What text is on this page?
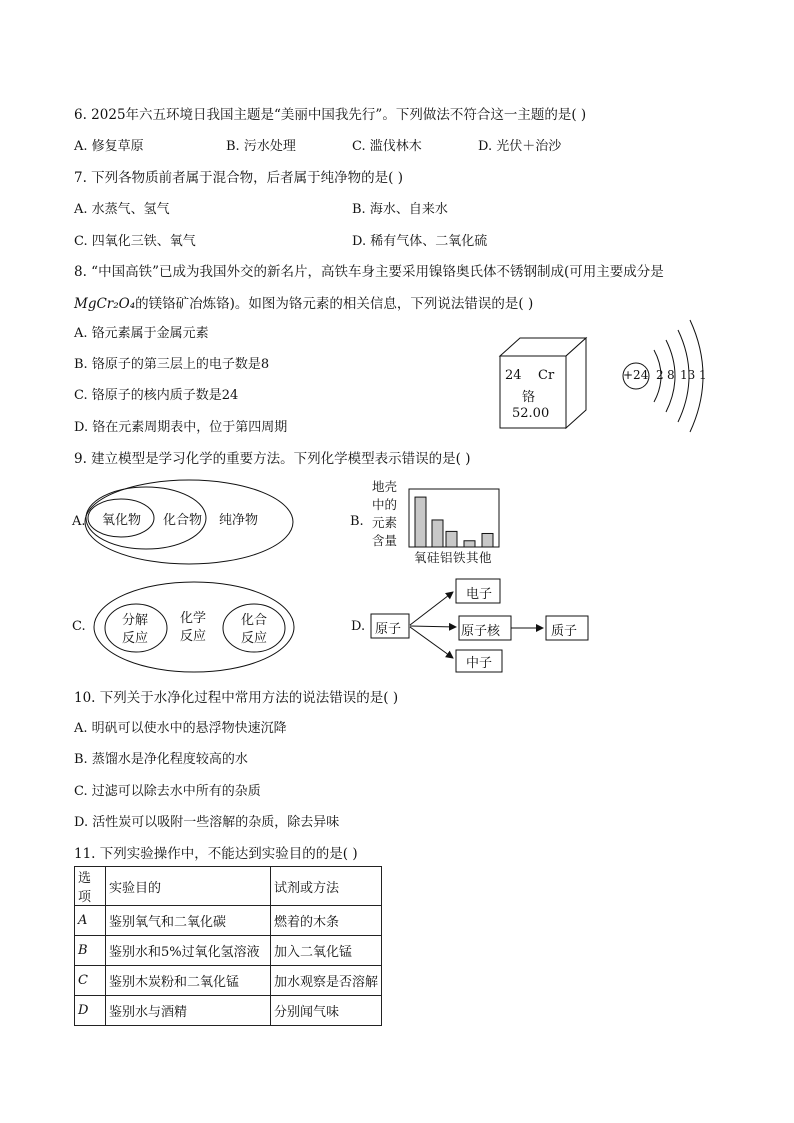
6. 2025年六五环境日我国主题是“美丽中国我先行”。下列做法不符合这一主题的是( )
A. 修复草原	B. 污水处理	C. 滥伐林木	D. 光伏＋治沙
7. 下列各物质前者属于混合物，后者属于纯净物的是( )
A. 水蒸气、氢气	B. 海水、自来水
C. 四氧化三铁、氧气	D. 稀有气体、二氧化硫
8. “中国高铁”已成为我国外交的新名片，高铁车身主要采用镍铬奥氏体不锈钢制成(可用主要成分是
MgCr₂O₄的镁铬矿冶炼铬)。如图为铬元素的相关信息，下列说法错误的是( )
A. 铬元素属于金属元素
B. 铬原子的第三层上的电子数是8
C. 铬原子的核内质子数是24
D. 铬在元素周期表中，位于第四周期
24 Cr
铬
52.00
+24 2 8 13 1
9. 建立模型是学习化学的重要方法。下列化学模型表示错误的是( )
A. 氧化物 化合物 纯净物	B.
地壳
中的
元素
含量
氧硅铝铁其他
C.	分解
反应
化学
反应
化合
反应
D. 原子
电子
原子核
中子
质子
10. 下列关于水净化过程中常用方法的说法错误的是( )
A. 明矾可以使水中的悬浮物快速沉降
B. 蒸馏水是净化程度较高的水
C. 过滤可以除去水中所有的杂质
D. 活性炭可以吸附一些溶解的杂质，除去异味
11. 下列实验操作中，不能达到实验目的的是( )
选项	实验目的	试剂或方法
A	鉴别氧气和二氧化碳	燃着的木条
B	鉴别水和5%过氧化氢溶液	加入二氧化锰
C	鉴别木炭粉和二氧化锰	加水观察是否溶解
D	鉴别水与酒精	分别闻气味
